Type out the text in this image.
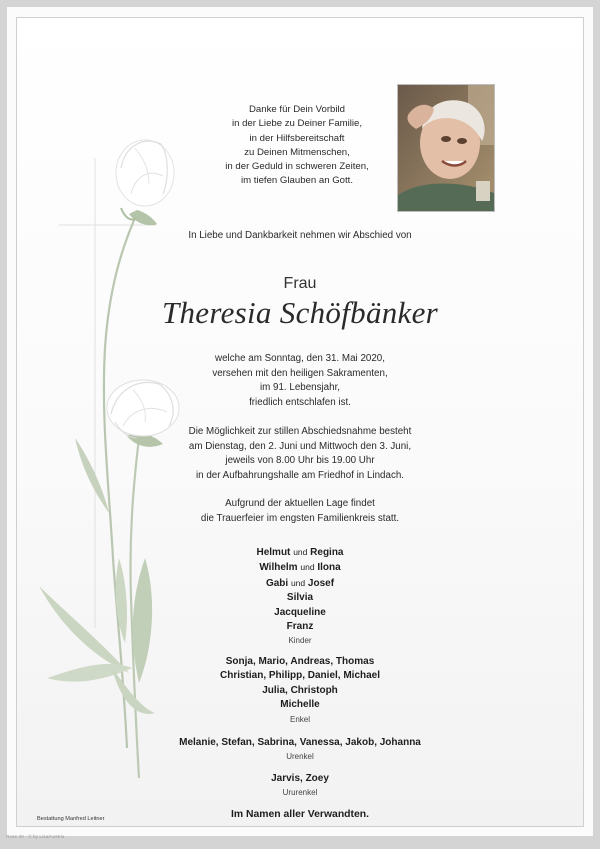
Danke für Dein Vorbild
in der Liebe zu Deiner Familie,
in der Hilfsbereitschaft
zu Deinen Mitmenschen,
in der Geduld in schweren Zeiten,
im tiefen Glauben an Gott.
In Liebe und Dankbarkeit nehmen wir Abschied von
Frau
Theresia Schöfbänker
welche am Sonntag, den 31. Mai 2020,
versehen mit den heiligen Sakramenten,
im 91. Lebensjahr,
friedlich entschlafen ist.
Die Möglichkeit zur stillen Abschiedsnahme besteht
am Dienstag, den 2. Juni und Mittwoch den 3. Juni,
jeweils von 8.00 Uhr bis 19.00 Uhr
in der Aufbahrungshalle am Friedhof in Lindach.
Aufgrund der aktuellen Lage findet
die Trauerfeier im engsten Familienkreis statt.
Helmut und Regina
Wilhelm und Ilona
Gabi und Josef
Silvia
Jacqueline
Franz
Kinder
Sonja, Mario, Andreas, Thomas
Christian, Philipp, Daniel, Michael
Julia, Christoph
Michelle
Enkel
Melanie, Stefan, Sabrina, Vanessa, Jakob, Johanna
Urenkel
Jarvis, Zoey
Ururenkel
Im Namen aller Verwandten.
Bestattung Manfred Leitner
Rose 36 · © by Lisa/Austria
